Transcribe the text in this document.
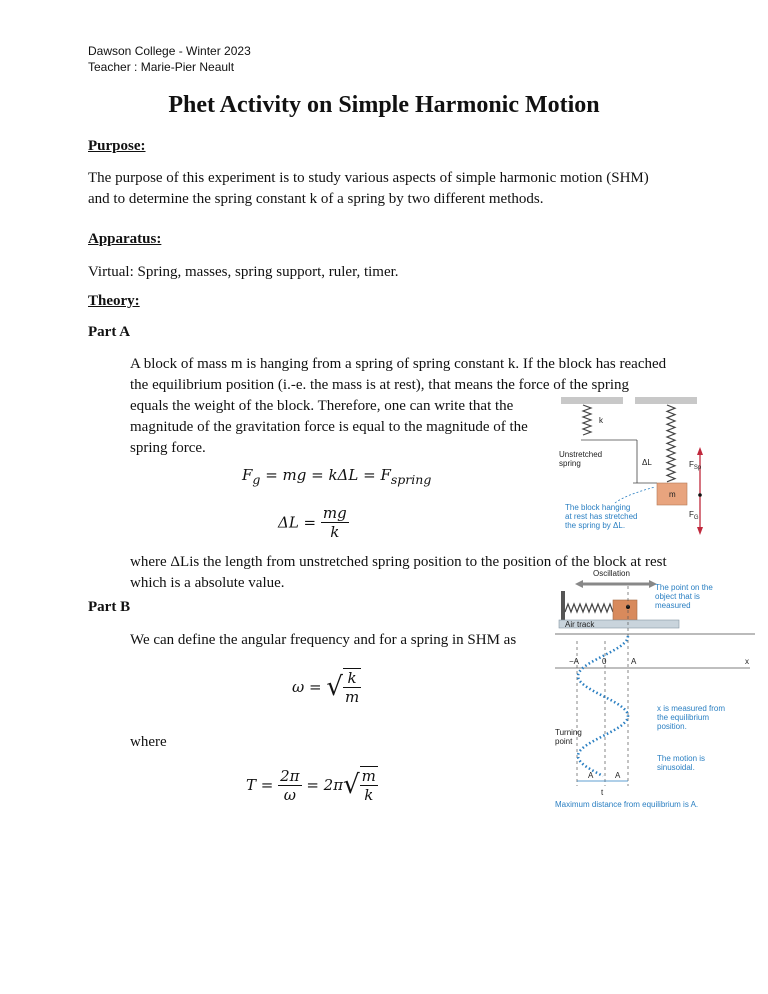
Dawson College - Winter 2023
Teacher : Marie-Pier Neault
Phet Activity on Simple Harmonic Motion
Purpose:
The purpose of this experiment is to study various aspects of simple harmonic motion (SHM)
and to determine the spring constant k of a spring by two different methods.
Apparatus:
Virtual: Spring, masses, spring support, ruler, timer.
Theory:
Part A
A block of mass m is hanging from a spring of spring constant k. If the block has reached
the equilibrium position (i.-e. the mass is at rest), that means the force of the spring
equals the weight of the block. Therefore, one can write that the
magnitude of the gravitation force is equal to the magnitude of the
spring force.
$F_g$ = mg = $k\Delta L = F_{spring}$
$\Delta L = \frac{mg}{k}$
where ΔLis the length from unstretched spring position to the position of the block at rest
which is a absolute value.
Part B
We can define the angular frequency and for a spring in SHM as
ω = √ $\frac{k}{m}$
where
$T = \frac{2\pi}{\omega} = 2\pi√ \frac{m}{k}$
k
Unstretched
spring	ΔL
m
$F_{Sp}$
$F_G$
The block hanging
at rest has stretched
the spring by ΔL.
Oscillation
Air track
The point on the
object that is
measured
−A	0	A	x
x is measured from
the equilibrium
position.
Turning
point
The motion is
sinusoidal.
A	A
t
Maximum distance from equilibrium is A.
